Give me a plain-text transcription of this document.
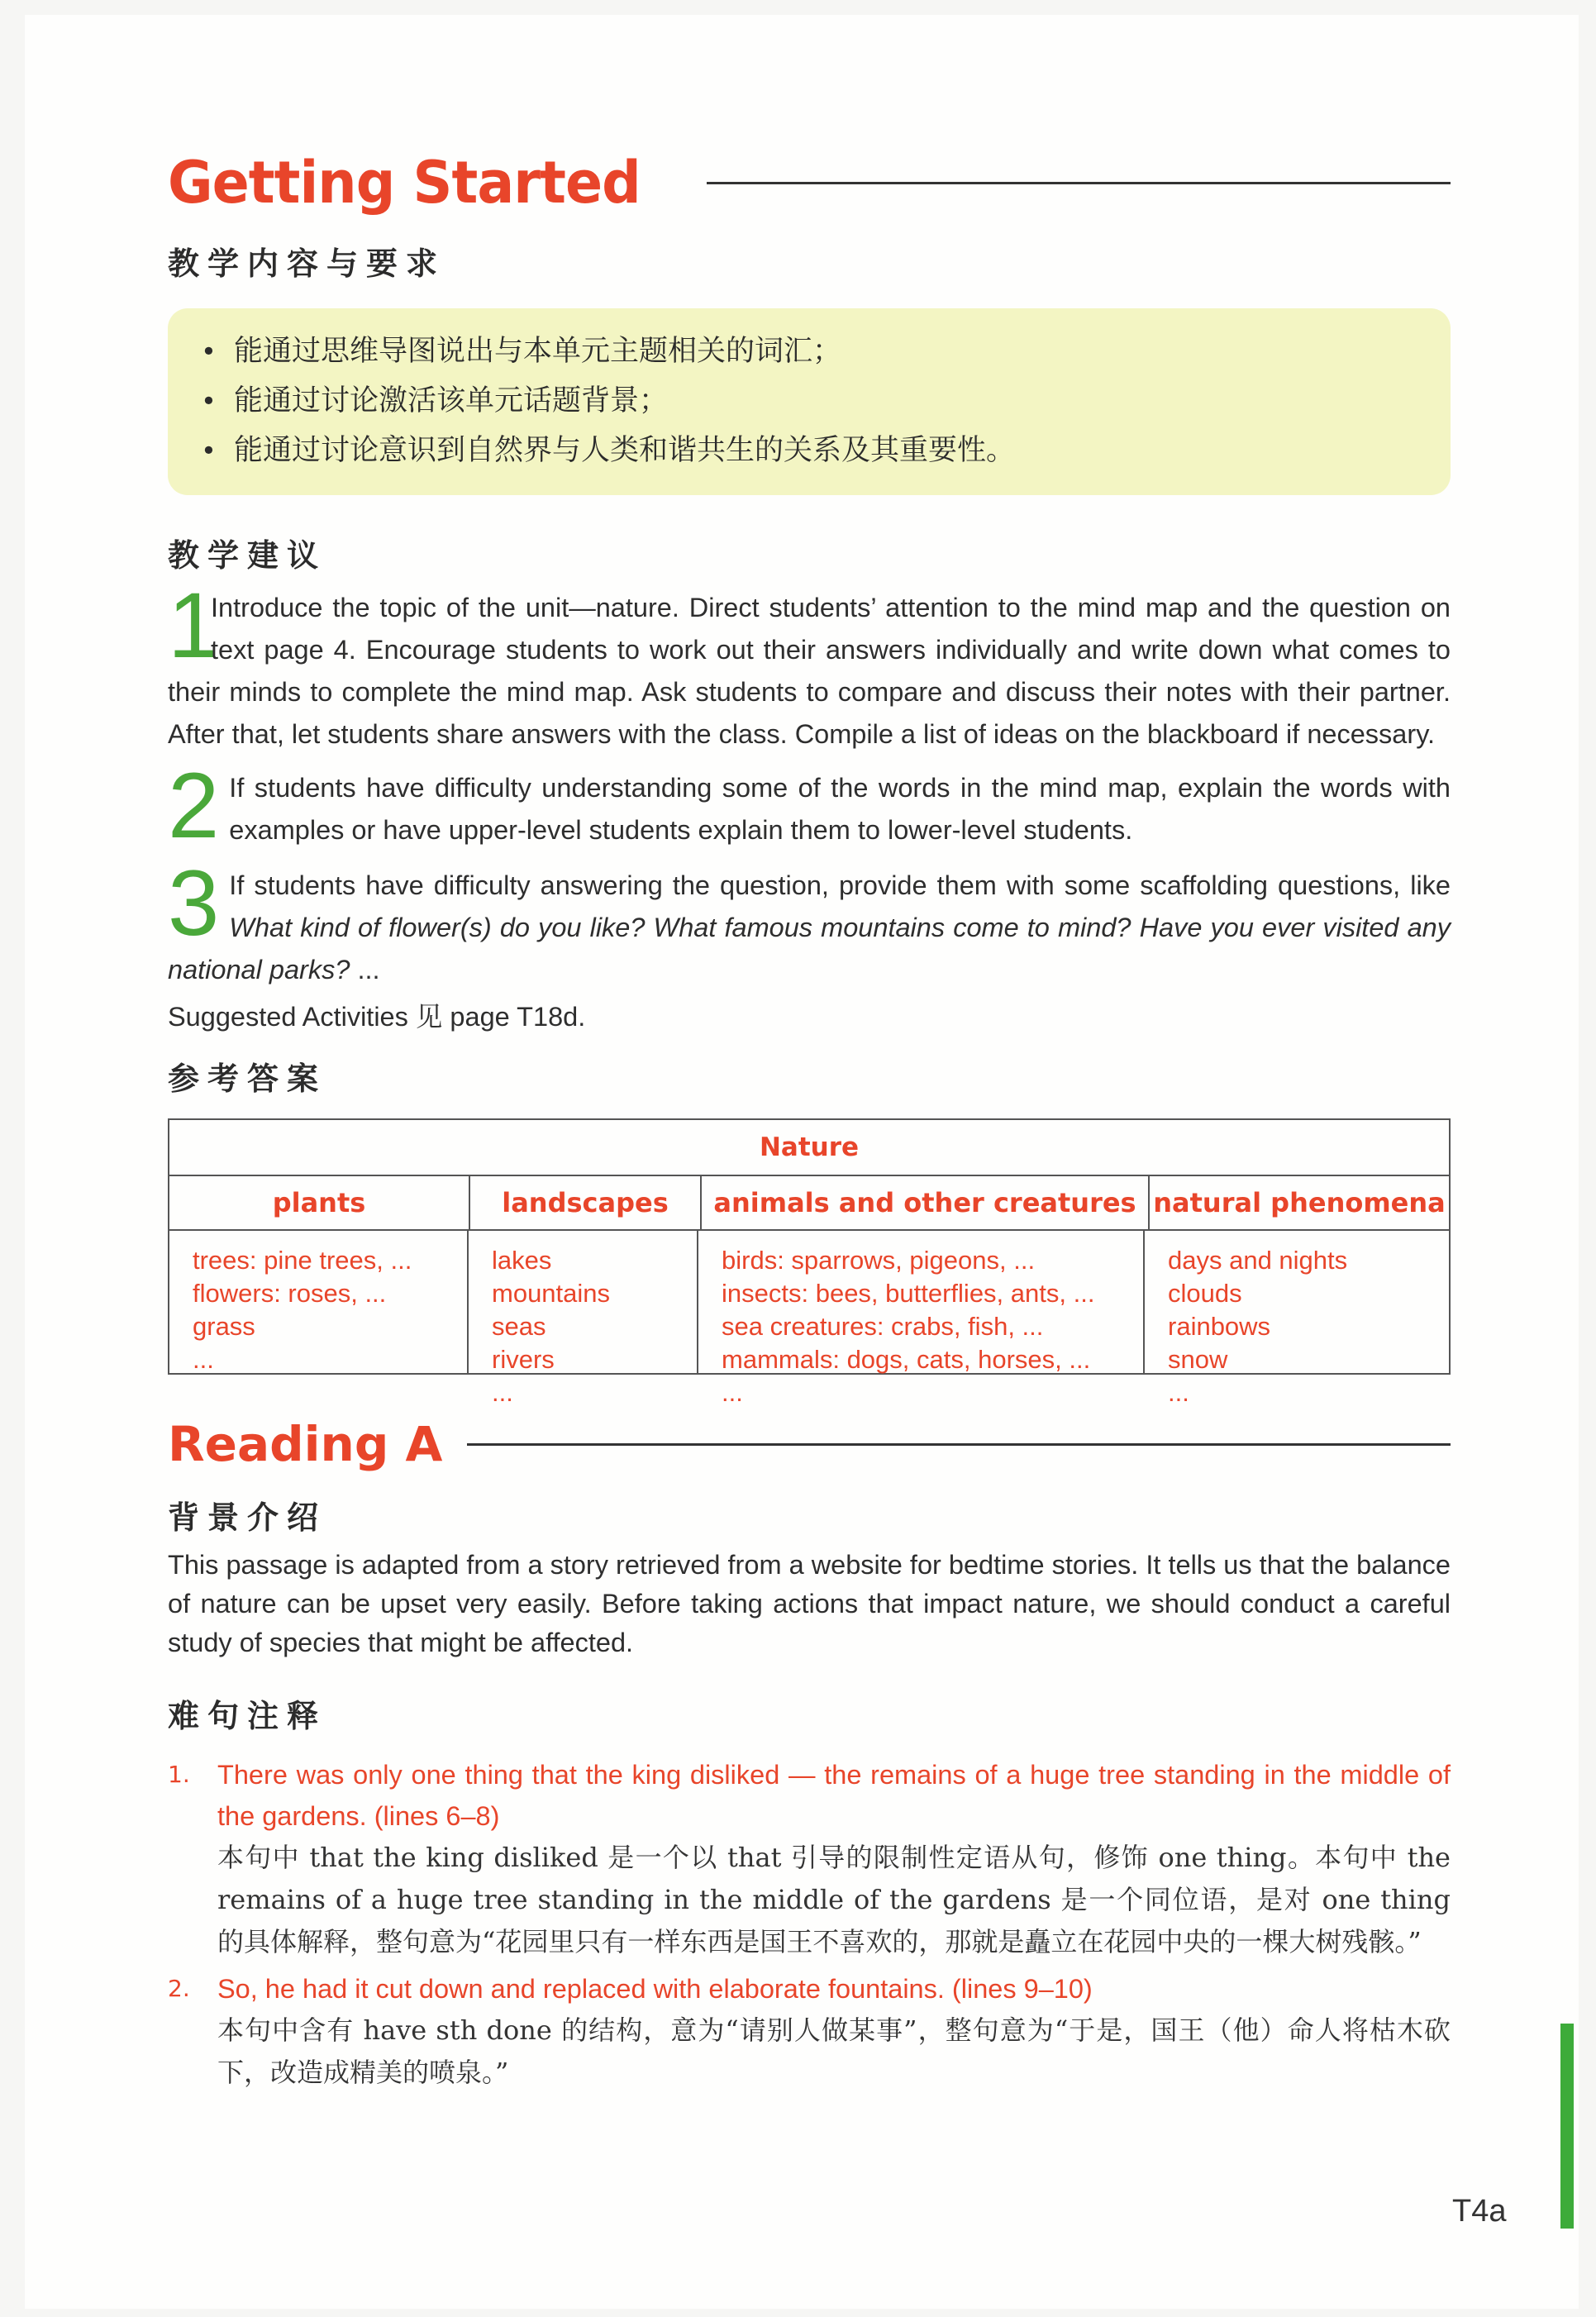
Getting Started
教学内容与要求
• 能通过思维导图说出与本单元主题相关的词汇；
• 能通过讨论激活该单元话题背景；
• 能通过讨论意识到自然界与人类和谐共生的关系及其重要性。
教学建议
1
Introduce the topic of the unit—nature. Direct students’ attention to the mind map and the question on text page 4. Encourage students to work out their answers individually and write down what comes to their minds to complete the mind map. Ask students to compare and discuss their notes with their partner. After that, let students share answers with the class. Compile a list of ideas on the blackboard if necessary.
2 If students have difficulty understanding some of the words in the mind map, explain the words with examples or have upper-level students explain them to lower-level students.
3 If students have difficulty answering the question, provide them with some scaffolding questions, like What kind of flower(s) do you like? What famous mountains come to mind? Have you ever visited any national parks? ...
Suggested Activities 见 page T18d.
参考答案
Nature
plants	landscapes	animals and other creatures natural phenomena
trees: pine trees, ...
flowers: roses, ...
grass
...
lakes
mountains
seas
rivers
...
birds: sparrows, pigeons, ...
insects: bees, butterflies, ants, ...
sea creatures: crabs, fish, ...
mammals: dogs, cats, horses, ...
...
days and nights
clouds
rainbows
snow
...
Reading A
背景介绍
This passage is adapted from a story retrieved from a website for bedtime stories. It tells us that the balance of nature can be upset very easily. Before taking actions that impact nature, we should conduct a careful study of species that might be affected.
难句注释
1. There was only one thing that the king disliked — the remains of a huge tree standing in the middle of the gardens. (lines 6–8)
本句中 that the king disliked 是一个以 that 引导的限制性定语从句，修饰 one thing。本句中 the remains of a huge tree standing in the middle of the gardens 是一个同位语，是对 one thing 的具体解释，整句意为“花园里只有一样东西是国王不喜欢的，那就是矗立在花园中央的一棵大树残骸。”
2. So, he had it cut down and replaced with elaborate fountains. (lines 9–10)
本句中含有 have sth done 的结构，意为“请别人做某事”，整句意为“于是，国王（他）命人将枯木砍下，改造成精美的喷泉。”
T4a
